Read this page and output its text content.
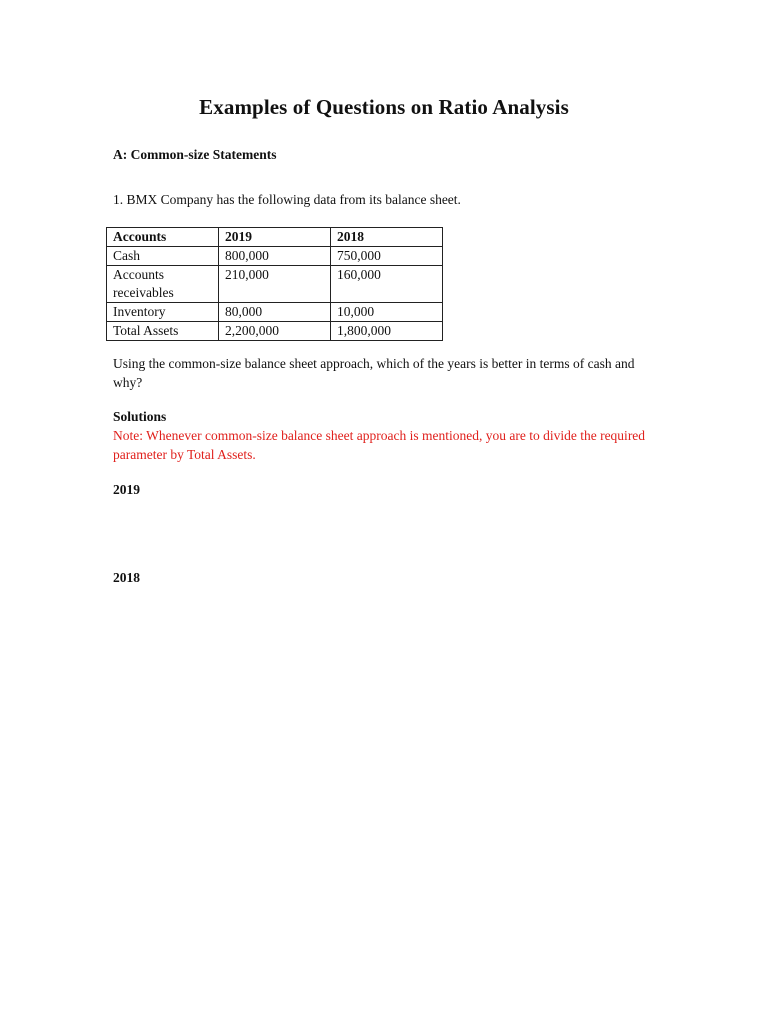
Examples of Questions on Ratio Analysis
A: Common-size Statements

1. BMX Company has the following data from its balance sheet.

Accounts	2019	2018
Cash	800,000	750,000
Accounts receivables	210,000	160,000
Inventory	80,000	10,000
Total Assets	2,200,000	1,800,000

Using the common-size balance sheet approach, which of the years is better in terms of cash and why?

Solutions

Note: Whenever common-size balance sheet approach is mentioned, you are to divide the required parameter by Total Assets.

2019
2018
